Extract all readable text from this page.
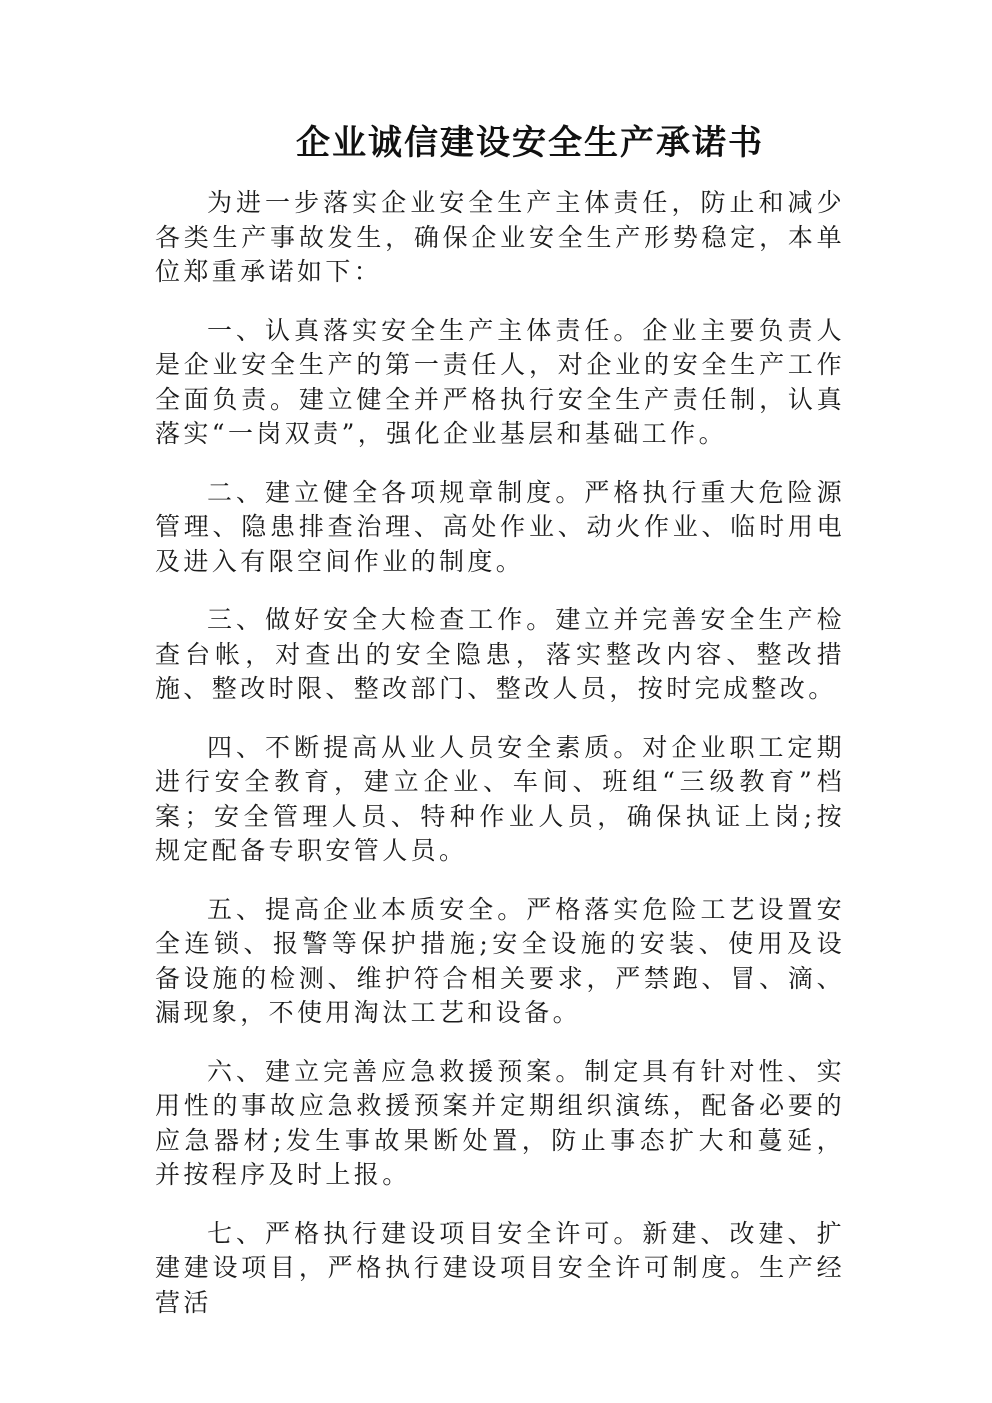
企业诚信建设安全生产承诺书

为进一步落实企业安全生产主体责任，防止和减少各类生产事故发生，确保企业安全生产形势稳定，本单位郑重承诺如下：

一、认真落实安全生产主体责任。企业主要负责人是企业安全生产的第一责任人，对企业的安全生产工作全面负责。建立健全并严格执行安全生产责任制，认真落实“一岗双责”，强化企业基层和基础工作。

二、建立健全各项规章制度。严格执行重大危险源管理、隐患排查治理、高处作业、动火作业、临时用电及进入有限空间作业的制度。

三、做好安全大检查工作。建立并完善安全生产检查台帐，对查出的安全隐患，落实整改内容、整改措施、整改时限、整改部门、整改人员，按时完成整改。

四、不断提高从业人员安全素质。对企业职工定期进行安全教育，建立企业、车间、班组“三级教育”档案；安全管理人员、特种作业人员，确保执证上岗;按规定配备专职安管人员。

五、提高企业本质安全。严格落实危险工艺设置安全连锁、报警等保护措施;安全设施的安装、使用及设备设施的检测、维护符合相关要求，严禁跑、冒、滴、漏现象，不使用淘汰工艺和设备。

六、建立完善应急救援预案。制定具有针对性、实用性的事故应急救援预案并定期组织演练，配备必要的应急器材;发生事故果断处置，防止事态扩大和蔓延，并按程序及时上报。

七、严格执行建设项目安全许可。新建、改建、扩建建设项目，严格执行建设项目安全许可制度。生产经营活
